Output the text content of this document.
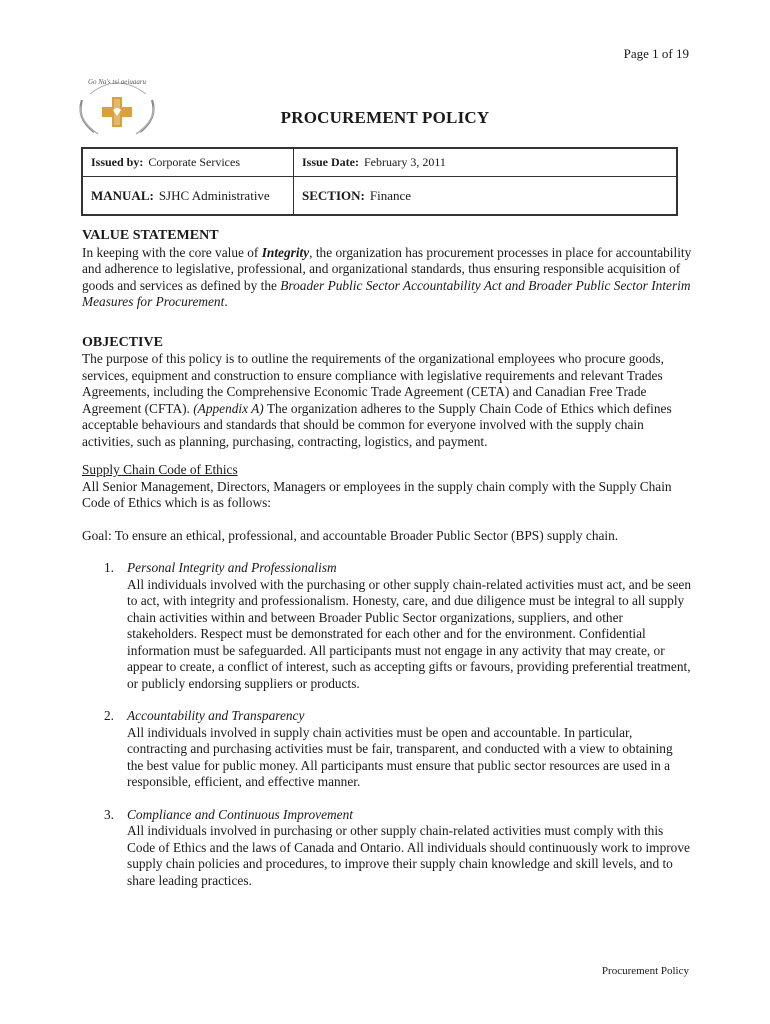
Page 1 of 19
Go Na's tsi aeiuaaru
PROCUREMENT POLICY
Issued by: Corporate Services	Issue Date: February 3, 2011
MANUAL: SJHC Administrative SECTION: Finance

VALUE STATEMENT

In keeping with the core value of Integrity, the organization has procurement processes in place for accountability and adherence to legislative, professional, and organizational standards, thus ensuring responsible acquisition of goods and services as defined by the Broader Public Sector Accountability Act and Broader Public Sector Interim Measures for Procurement.

OBJECTIVE

The purpose of this policy is to outline the requirements of the organizational employees who procure goods, services, equipment and construction to ensure compliance with legislative requirements and relevant Trades Agreements, including the Comprehensive Economic Trade Agreement (CETA) and Canadian Free Trade Agreement (CFTA). (Appendix A) The organization adheres to the Supply Chain Code of Ethics which defines acceptable behaviours and standards that should be common for everyone involved with the supply chain activities, such as planning, purchasing, contracting, logistics, and payment.

Supply Chain Code of Ethics

All Senior Management, Directors, Managers or employees in the supply chain comply with the Supply Chain Code of Ethics which is as follows:

Goal: To ensure an ethical, professional, and accountable Broader Public Sector (BPS) supply chain.

1. Personal Integrity and Professionalism
All individuals involved with the purchasing or other supply chain-related activities must act, and be seen to act, with integrity and professionalism. Honesty, care, and due diligence must be integral to all supply chain activities within and between Broader Public Sector organizations, suppliers, and other stakeholders. Respect must be demonstrated for each other and for the environment. Confidential information must be safeguarded. All participants must not engage in any activity that may create, or appear to create, a conflict of interest, such as accepting gifts or favours, providing preferential treatment, or publicly endorsing suppliers or products.
2. Accountability and Transparency
All individuals involved in supply chain activities must be open and accountable. In particular, contracting and purchasing activities must be fair, transparent, and conducted with a view to obtaining the best value for public money. All participants must ensure that public sector resources are used in a responsible, efficient, and effective manner.
3. Compliance and Continuous Improvement
All individuals involved in purchasing or other supply chain-related activities must comply with this Code of Ethics and the laws of Canada and Ontario. All individuals should continuously work to improve supply chain policies and procedures, to improve their supply chain knowledge and skill levels, and to share leading practices.
Procurement Policy
